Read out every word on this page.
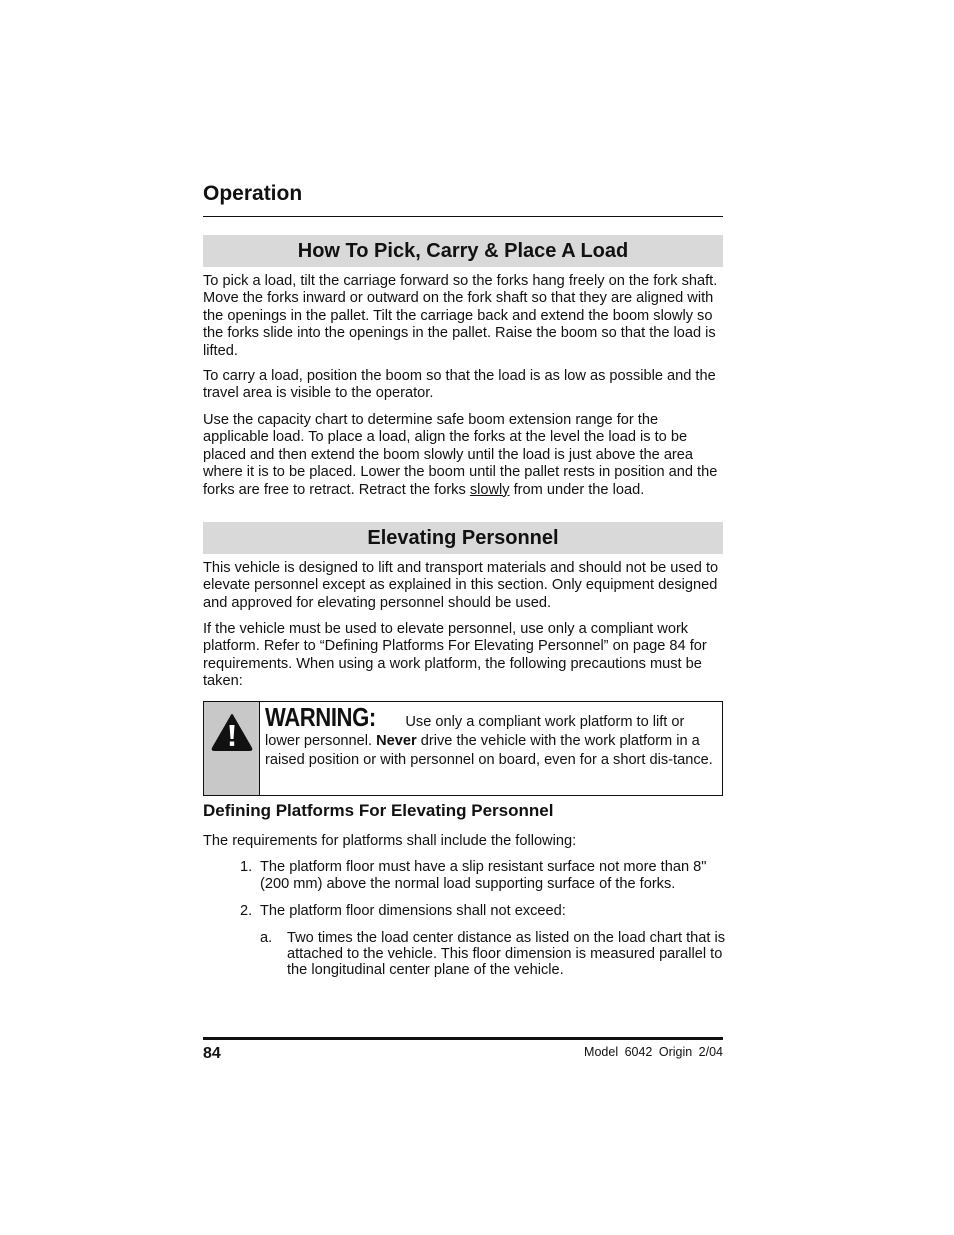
Operation
How To Pick, Carry & Place A Load

To pick a load, tilt the carriage forward so the forks hang freely on the fork shaft. Move the forks inward or outward on the fork shaft so that they are aligned with the openings in the pallet. Tilt the carriage back and extend the boom slowly so the forks slide into the openings in the pallet. Raise the boom so that the load is lifted.

To carry a load, position the boom so that the load is as low as possible and the travel area is visible to the operator.

Use the capacity chart to determine safe boom extension range for the applicable load. To place a load, align the forks at the level the load is to be placed and then extend the boom slowly until the load is just above the area where it is to be placed. Lower the boom until the pallet rests in position and the forks are free to retract. Retract the forks slowly from under the load.

Elevating Personnel

This vehicle is designed to lift and transport materials and should not be used to elevate personnel except as explained in this section. Only equipment designed and approved for elevating personnel should be used.

If the vehicle must be used to elevate personnel, use only a compliant work platform. Refer to “Defining Platforms For Elevating Personnel” on page 84 for requirements. When using a work platform, the following precautions must be taken:

WARNING: Use only a compliant work platform to lift or lower personnel. Never drive the vehicle with the work platform in a raised position or with personnel on board, even for a short dis-tance.
Defining Platforms For Elevating Personnel

The requirements for platforms shall include the following:

1. The platform floor must have a slip resistant surface not more than 8" (200 mm) above the normal load supporting surface of the forks.
2. The platform floor dimensions shall not exceed:
a. Two times the load center distance as listed on the load chart that is attached to the vehicle. This floor dimension is measured parallel to the longitudinal center plane of the vehicle.
84	Model 6042 Origin 2/04
